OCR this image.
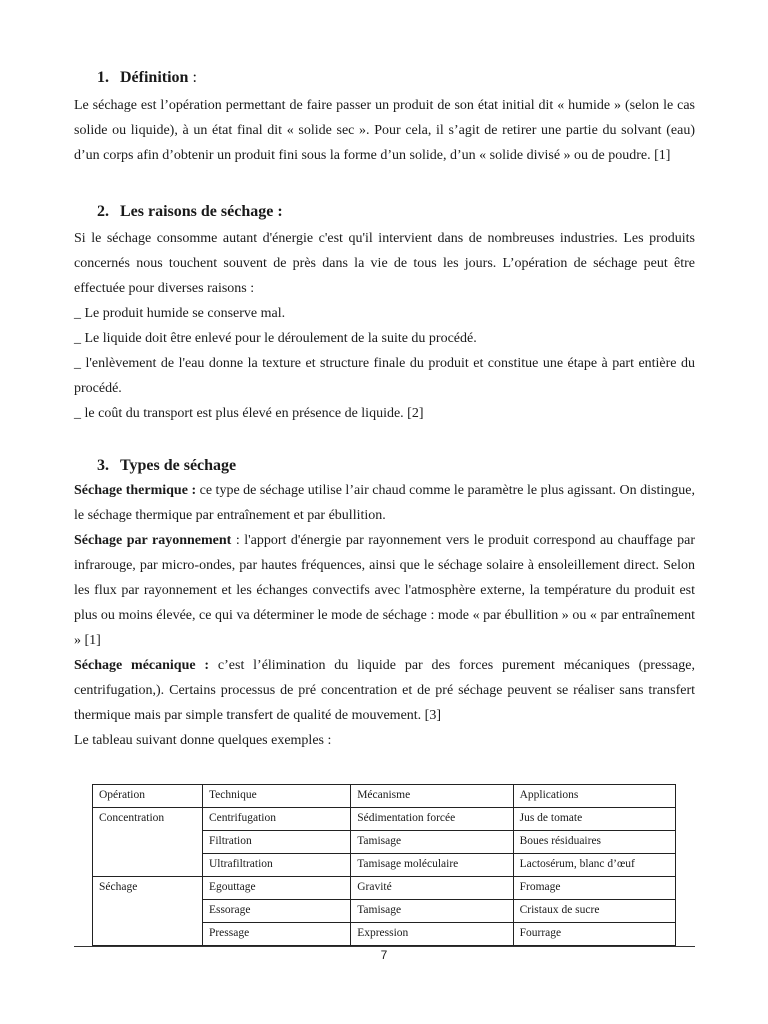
1. Définition :

Le séchage est l’opération permettant de faire passer un produit de son état initial dit « humide » (selon le cas solide ou liquide), à un état final dit « solide sec ». Pour cela, il s’agit de retirer une partie du solvant (eau) d’un corps afin d’obtenir un produit fini sous la forme d’un solide, d’un « solide divisé » ou de poudre. [1]

2. Les raisons de séchage :

Si le séchage consomme autant d'énergie c'est qu'il intervient dans de nombreuses industries. Les produits concernés nous touchent souvent de près dans la vie de tous les jours. L’opération de séchage peut être effectuée pour diverses raisons :

_ Le produit humide se conserve mal.

_ Le liquide doit être enlevé pour le déroulement de la suite du procédé.

_ l'enlèvement de l'eau donne la texture et structure finale du produit et constitue une étape à part entière du procédé.

_ le coût du transport est plus élevé en présence de liquide. [2]

3. Types de séchage

Séchage thermique : ce type de séchage utilise l’air chaud comme le paramètre le plus agissant. On distingue, le séchage thermique par entraînement et par ébullition.

Séchage par rayonnement : l'apport d'énergie par rayonnement vers le produit correspond au chauffage par infrarouge, par micro-ondes, par hautes fréquences, ainsi que le séchage solaire à ensoleillement direct. Selon les flux par rayonnement et les échanges convectifs avec l'atmosphère externe, la température du produit est plus ou moins élevée, ce qui va déterminer le mode de séchage : mode « par ébullition » ou « par entraînement » [1]

Séchage mécanique : c’est l’élimination du liquide par des forces purement mécaniques (pressage, centrifugation,). Certains processus de pré concentration et de pré séchage peuvent se réaliser sans transfert thermique mais par simple transfert de qualité de mouvement. [3]

Le tableau suivant donne quelques exemples :

Opération	Technique	Mécanisme	Applications
Concentration	Centrifugation	Sédimentation forcée	Jus de tomate
	Filtration	Tamisage	Boues résiduaires
	Ultrafiltration	Tamisage moléculaire	Lactosérum, blanc d’œuf
Séchage	Egouttage	Gravité	Fromage
	Essorage	Tamisage	Cristaux de sucre
	Pressage	Expression	Fourrage
7
